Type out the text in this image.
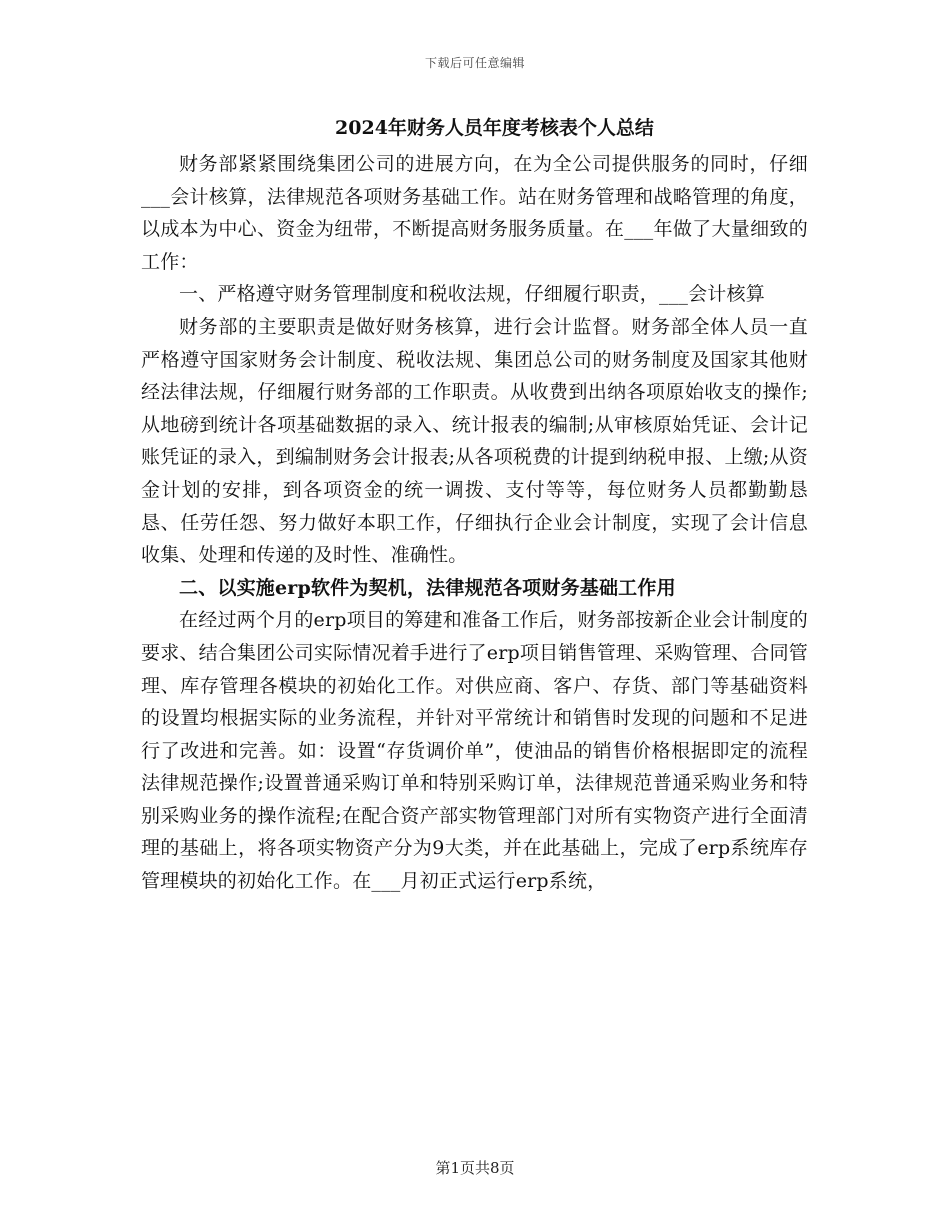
下载后可任意编辑
2024年财务人员年度考核表个人总结

财务部紧紧围绕集团公司的进展方向，在为全公司提供服务的同时，仔细___会计核算，法律规范各项财务基础工作。站在财务管理和战略管理的角度，以成本为中心、资金为纽带，不断提高财务服务质量。在___年做了大量细致的工作：

一、严格遵守财务管理制度和税收法规，仔细履行职责，___会计核算

财务部的主要职责是做好财务核算，进行会计监督。财务部全体人员一直严格遵守国家财务会计制度、税收法规、集团总公司的财务制度及国家其他财经法律法规，仔细履行财务部的工作职责。从收费到出纳各项原始收支的操作;从地磅到统计各项基础数据的录入、统计报表的编制;从审核原始凭证、会计记账凭证的录入，到编制财务会计报表;从各项税费的计提到纳税申报、上缴;从资金计划的安排，到各项资金的统一调拨、支付等等，每位财务人员都勤勤恳恳、任劳任怨、努力做好本职工作，仔细执行企业会计制度，实现了会计信息收集、处理和传递的及时性、准确性。

二、以实施erp软件为契机，法律规范各项财务基础工作用

在经过两个月的erp项目的筹建和准备工作后，财务部按新企业会计制度的要求、结合集团公司实际情况着手进行了erp项目销售管理、采购管理、合同管理、库存管理各模块的初始化工作。对供应商、客户、存货、部门等基础资料的设置均根据实际的业务流程，并针对平常统计和销售时发现的问题和不足进行了改进和完善。如：设置“存货调价单”，使油品的销售价格根据即定的流程法律规范操作;设置普通采购订单和特别采购订单，法律规范普通采购业务和特别采购业务的操作流程;在配合资产部实物管理部门对所有实物资产进行全面清理的基础上，将各项实物资产分为9大类，并在此基础上，完成了erp系统库存管理模块的初始化工作。在___月初正式运行erp系统，

第1页共8页
